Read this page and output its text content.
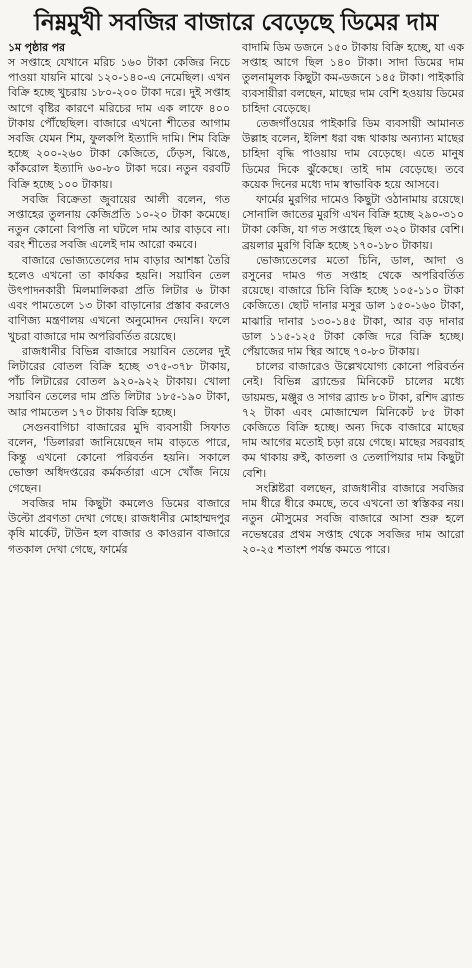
নিম্নমুখী সবজির বাজারে বেড়েছে ডিমের দাম
১ম পৃষ্ঠার পর

স সপ্তাহে যেখানে মরিচ ১৬০ টাকা কেজির নিচে পাওয়া যায়নি মাঝে ১২০-১৪০-এ নেমেছিল। এখন বিক্রি হচ্ছে খুচরায় ১৮০-২০০ টাকা দরে। দুই সপ্তাহ আগে বৃষ্টির কারণে মরিচের দাম এক লাফে ৪০০ টাকায় পৌঁছেছিল। বাজারে এখনো শীতের আগাম সবজি যেমন শিম, ফুলকপি ইত্যাদি দামি। শিম বিক্রি হচ্ছে ২০০-২৬০ টাকা কেজিতে, ঢেঁড়স, ঝিঙে, কাঁকরোল ইত্যাদি ৬০-৮০ টাকা দরে। নতুন বরবটি বিক্রি হচ্ছে ১০০ টাকায়।

সবজি বিক্রেতা জুবায়ের আলী বলেন, গত সপ্তাহের তুলনায় কেজিপ্রতি ১০-২০ টাকা কমেছে। নতুন কোনো বিপত্তি না ঘটলে দাম আর বাড়বে না। বরং শীতের সবজি এলেই দাম আরো কমবে।

বাজারে ভোজ্যতেলের দাম বাড়ার আশঙ্কা তৈরি হলেও এখনো তা কার্যকর হয়নি। সয়াবিন তেল উৎপাদনকারী মিলমালিকরা প্রতি লিটার ৬ টাকা এবং পামতেলে ১৩ টাকা বাড়ানোর প্রস্তাব করলেও বাণিজ্য মন্ত্রণালয় এখনো অনুমোদন দেয়নি। ফলে খুচরা বাজারে দাম অপরিবর্তিত রয়েছে।

রাজধানীর বিভিন্ন বাজারে সয়াবিন তেলের দুই লিটারের বোতল বিক্রি হচ্ছে ৩৭৫-৩৭৮ টাকায়, পাঁচ লিটারের বোতল ৯২০-৯২২ টাকায়। খোলা সয়াবিন তেলের দাম প্রতি লিটার ১৮৫-১৯০ টাকা, আর পামতেল ১৭০ টাকায় বিক্রি হচ্ছে।

সেগুনবাগিচা বাজারের মুদি ব্যবসায়ী সিফাত বলেন, 'ডিলাররা জানিয়েছেন দাম বাড়তে পারে, কিন্তু এখনো কোনো পরিবর্তন হয়নি। সকালে ভোক্তা অধিদপ্তরের কর্মকর্তারা এসে খোঁজ নিয়ে গেছেন।

সবজির দাম কিছুটা কমলেও ডিমের বাজারে উল্টো প্রবণতা দেখা গেছে। রাজধানীর মোহাম্মদপুর কৃষি মার্কেট, টাউন হল বাজার ও কাওরান বাজারে গতকাল দেখা গেছে, ফার্মের

বাদামি ডিম ডজনে ১৫০ টাকায় বিক্রি হচ্ছে, যা এক সপ্তাহ আগে ছিল ১৪০ টাকা। সাদা ডিমের দাম তুলনামূলক কিছুটা কম-ডজনে ১৪৫ টাকা। পাইকারি ব্যবসায়ীরা বলছেন, মাছের দাম বেশি হওয়ায় ডিমের চাহিদা বেড়েছে।

তেজগাঁওয়ের পাইকারি ডিম ব্যবসায়ী আমানত উল্লাহ বলেন, ইলিশ ধরা বন্ধ থাকায় অন্যান্য মাছের চাহিদা বৃদ্ধি পাওয়ায় দাম বেড়েছে। এতে মানুষ ডিমের দিকে ঝুঁকেছে। তাই দাম বেড়েছে। তবে কয়েক দিনের মধ্যে দাম স্বাভাবিক হয়ে আসবে।

ফার্মের মুরগির দামেও কিছুটা ওঠানামায় রয়েছে। সোনালি জাতের মুরগি এখন বিক্রি হচ্ছে ২৯০-৩১০ টাকা কেজি, যা গত সপ্তাহে ছিল ৩২০ টাকার বেশি। ব্রয়লার মুরগি বিক্রি হচ্ছে ১৭০-১৮০ টাকায়।

ভোজ্যতেলের মতো চিনি, ডাল, আদা ও রসুনের দামও গত সপ্তাহ থেকে অপরিবর্তিত রয়েছে। বাজারে চিনি বিক্রি হচ্ছে ১০৫-১১০ টাকা কেজিতে। ছোট দানার মসুর ডাল ১৫০-১৬০ টাকা, মাঝারি দানার ১৩০-১৪৫ টাকা, আর বড় দানার ডাল ১১৫-১২৫ টাকা কেজি দরে বিক্রি হচ্ছে। পেঁয়াজের দাম স্থির আছে ৭০-৮০ টাকায়।

চালের বাজারেও উল্লেখযোগ্য কোনো পরিবর্তন নেই। বিভিন্ন ব্র্যান্ডের মিনিকেট চালের মধ্যে ডায়মন্ড, মঞ্জুর ও সাগর ব্র্যান্ড ৮০ টাকা, রশিদ ব্র্যান্ড ৭২ টাকা এবং মোজাম্মেল মিনিকেট ৮৫ টাকা কেজিতে বিক্রি হচ্ছে। অন্য দিকে বাজারে মাছের দাম আগের মতোই চড়া রয়ে গেছে। মাছের সরবরাহ কম থাকায় রুই, কাতলা ও তেলাপিয়ার দাম কিছুটা বেশি।

সংশ্লিষ্টরা বলছেন, রাজধানীর বাজারে সবজির দাম ধীরে ধীরে কমছে, তবে এখনো তা স্বস্তিকর নয়। নতুন মৌসুমের সবজি বাজারে আসা শুরু হলে নভেম্বরের প্রথম সপ্তাহ থেকে সবজির দাম আরো ২০-২৫ শতাংশ পর্যন্ত কমতে পারে।
